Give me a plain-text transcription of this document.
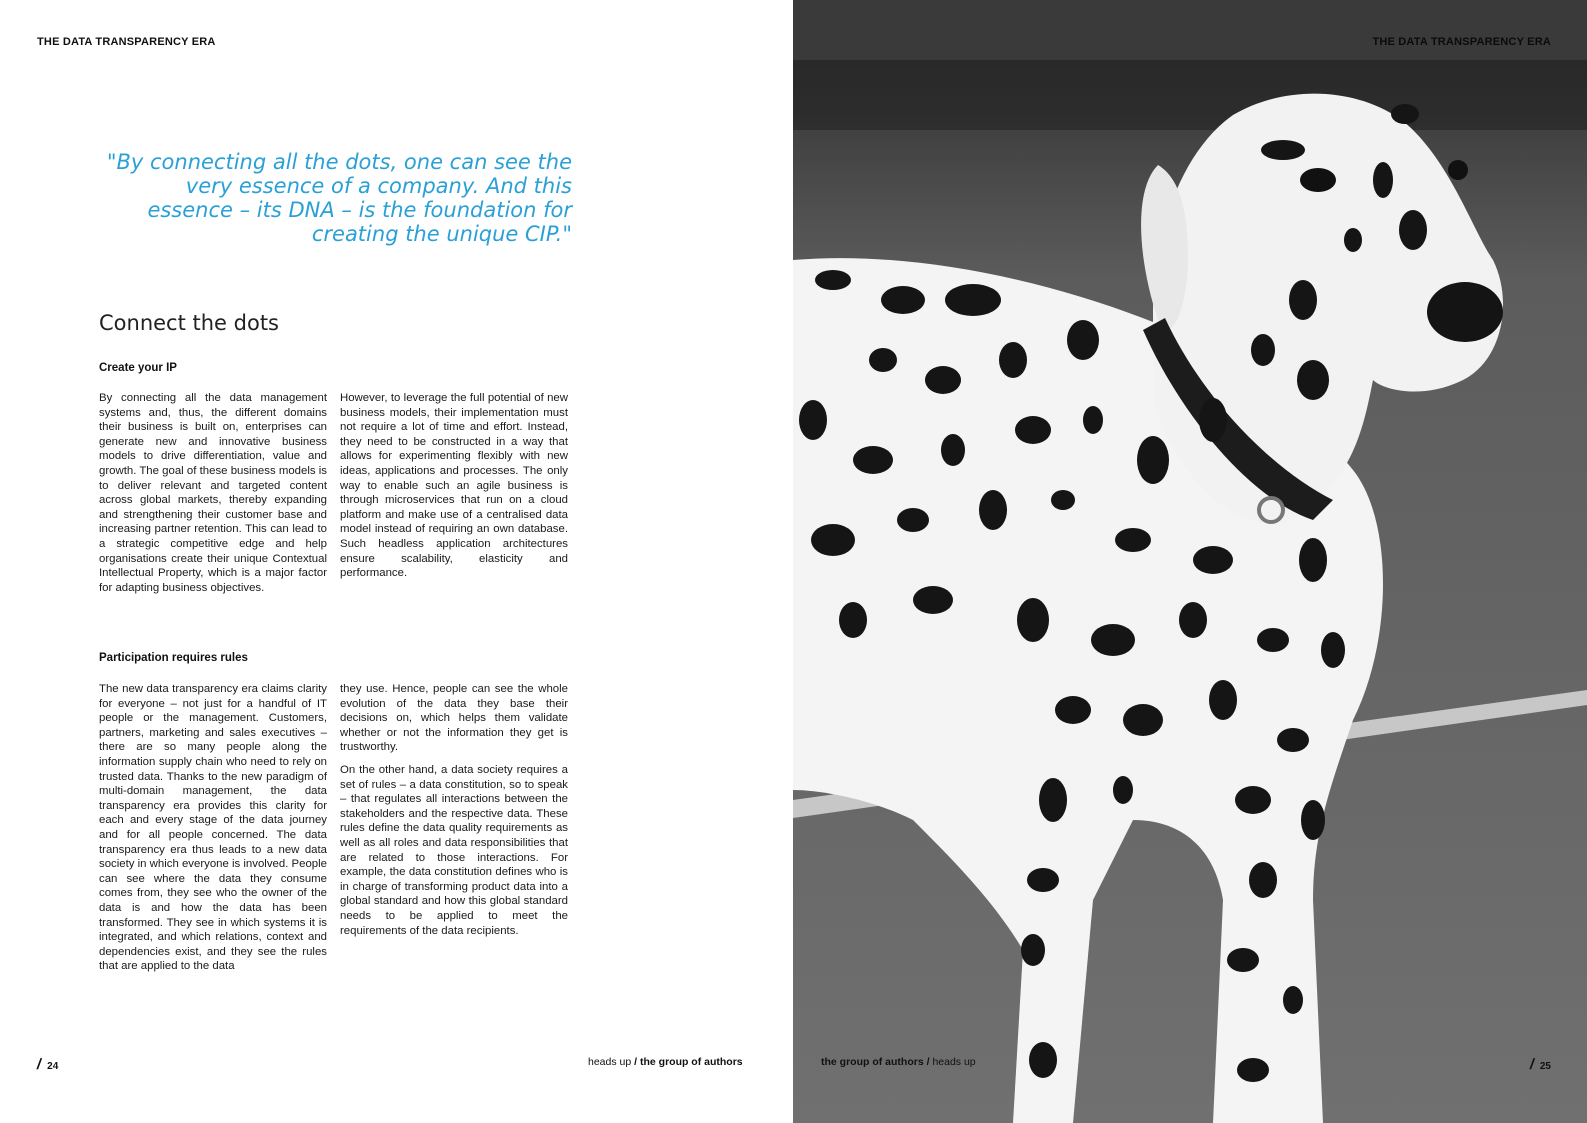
THE DATA TRANSPARENCY ERA
"By connecting all the dots, one can see the very essence of a company. And this essence – its DNA – is the foundation for creating the unique CIP."
Connect the dots
Create your IP

By connecting all the data management systems and, thus, the different domains their business is built on, enterprises can generate new and innovative business models to drive differentiation, value and growth. The goal of these business models is to deliver relevant and targeted content across global markets, thereby expanding and strengthening their customer base and increasing partner retention. This can lead to a strategic competitive edge and help organisations create their unique Contextual Intellectual Property, which is a major factor for adapting business objectives.

However, to leverage the full potential of new business models, their implementation must not require a lot of time and effort. Instead, they need to be constructed in a way that allows for experimenting flexibly with new ideas, applications and processes. The only way to enable such an agile business is through microservices that run on a cloud platform and make use of a centralised data model instead of requiring an own database. Such headless application architectures ensure scalability, elasticity and performance.

Participation requires rules

The new data transparency era claims clarity for everyone – not just for a handful of IT people or the management. Customers, partners, marketing and sales executives – there are so many people along the information supply chain who need to rely on trusted data. Thanks to the new paradigm of multi-domain management, the data transparency era provides this clarity for each and every stage of the data journey and for all people concerned. The data transparency era thus leads to a new data society in which everyone is involved. People can see where the data they consume comes from, they see who the owner of the data is and how the data has been transformed. They see in which systems it is integrated, and which relations, context and dependencies exist, and they see the rules that are applied to the data

they use. Hence, people can see the whole evolution of the data they base their decisions on, which helps them validate whether or not the information they get is trustworthy.

On the other hand, a data society requires a set of rules – a data constitution, so to speak – that regulates all interactions between the stakeholders and the respective data. These rules define the data quality requirements as well as all roles and data responsibilities that are related to those interactions. For example, the data constitution defines who is in charge of transforming product data into a global standard and how this global standard needs to be applied to meet the requirements of the data recipients.

/ 24	heads up / the group of authors
THE DATA TRANSPARENCY ERA
the group of authors / heads up	/ 25
